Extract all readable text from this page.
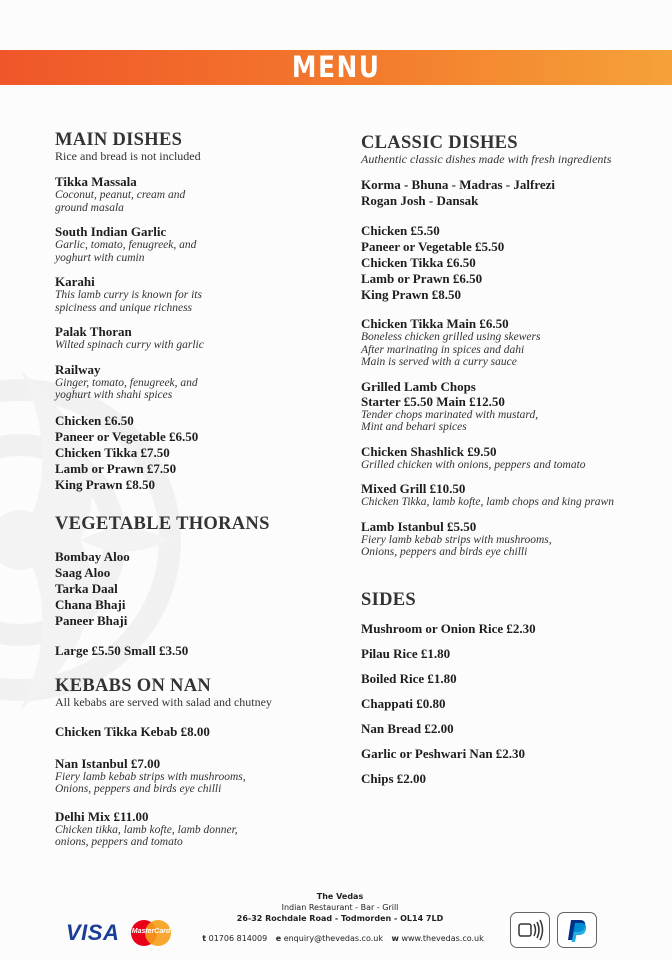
MENU
MAIN DISHES
Rice and bread is not included
Tikka Massala
Coconut, peanut, cream and
ground masala
South Indian Garlic
Garlic, tomato, fenugreek, and
yoghurt with cumin
Karahi
This lamb curry is known for its
spiciness and unique richness
Palak Thoran
Wilted spinach curry with garlic
Railway
Ginger, tomato, fenugreek, and
yoghurt with shahi spices
Chicken £6.50
Paneer or Vegetable £6.50
Chicken Tikka £7.50
Lamb or Prawn £7.50
King Prawn £8.50
VEGETABLE THORANS
Bombay Aloo
Saag Aloo
Tarka Daal
Chana Bhaji
Paneer Bhaji
Large £5.50 Small £3.50
KEBABS ON NAN
All kebabs are served with salad and chutney
Chicken Tikka Kebab £8.00
Nan Istanbul £7.00
Fiery lamb kebab strips with mushrooms,
Onions, peppers and birds eye chilli
Delhi Mix £11.00
Chicken tikka, lamb kofte, lamb donner,
onions, peppers and tomato
CLASSIC DISHES
Authentic classic dishes made with fresh ingredients
Korma - Bhuna - Madras - Jalfrezi
Rogan Josh - Dansak
Chicken £5.50
Paneer or Vegetable £5.50
Chicken Tikka £6.50
Lamb or Prawn £6.50
King Prawn £8.50
Chicken Tikka Main £6.50
Boneless chicken grilled using skewers
After marinating in spices and dahi
Main is served with a curry sauce
Grilled Lamb Chops
Starter £5.50 Main £12.50
Tender chops marinated with mustard,
Mint and behari spices
Chicken Shashlick £9.50
Grilled chicken with onions, peppers and tomato
Mixed Grill £10.50
Chicken Tikka, lamb kofte, lamb chops and king prawn
Lamb Istanbul £5.50
Fiery lamb kebab strips with mushrooms,
Onions, peppers and birds eye chilli
SIDES
Mushroom or Onion Rice £2.30
Pilau Rice £1.80
Boiled Rice £1.80
Chappati £0.80
Nan Bread £2.00
Garlic or Peshwari Nan £2.30
Chips £2.00
VISA	MasterCard
The Vedas
Indian Restaurant - Bar - Grill
26-32 Rochdale Road - Todmorden - OL14 7LD
t 01706 814009 e enquiry@thevedas.co.uk w www.thevedas.co.uk
